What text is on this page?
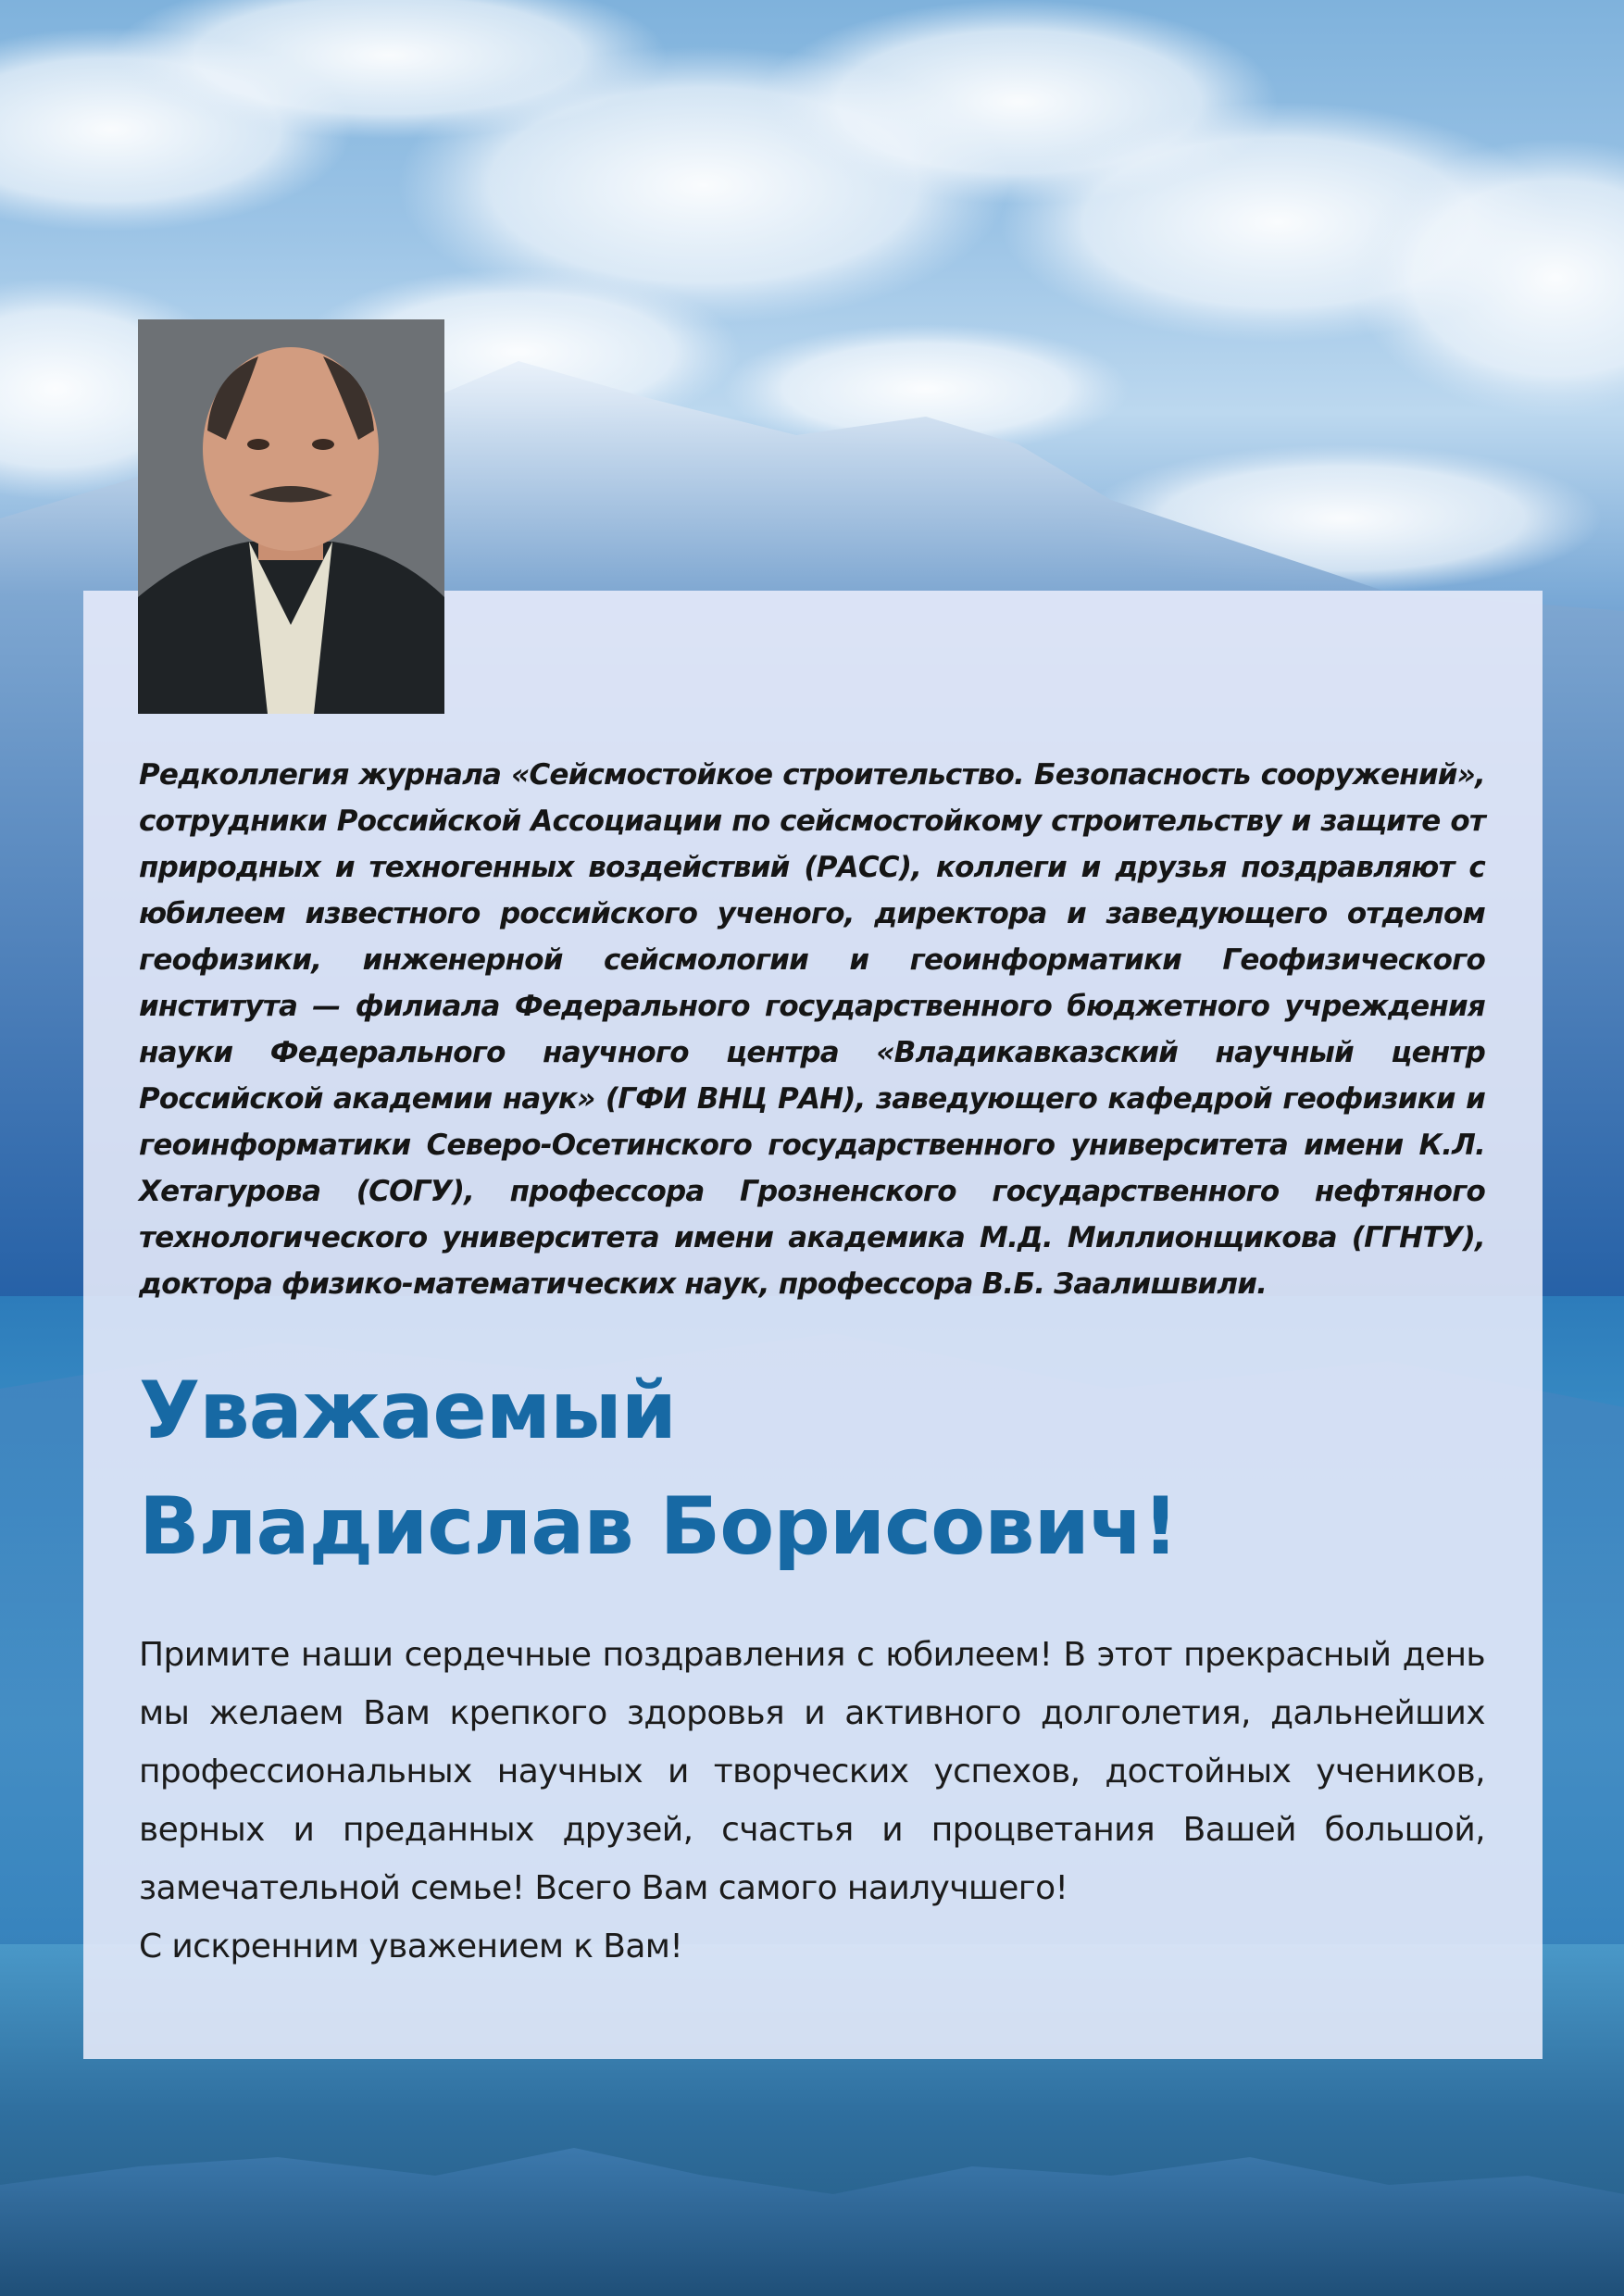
Редколлегия журнала «Сейсмостойкое строительство. Безопасность сооружений», сотрудники Российской Ассоциации по сейсмостойкому строительству и защите от природных и техногенных воздействий (РАСС), коллеги и друзья поздравляют с юбилеем известного российского ученого, директора и заведующего отделом геофизики, инженерной сейсмологии и геоинформатики Геофизического института — филиала Федерального государственного бюджетного учреждения науки Федерального научного центра «Владикавказский научный центр Российской академии наук» (ГФИ ВНЦ РАН), заведующего кафедрой геофизики и геоинформатики Северо-Осетинского государственного университета имени К.Л. Хетагурова (СОГУ), профессора Грозненского государственного нефтяного технологического университета имени академика М.Д. Миллионщикова (ГГНТУ), доктора физико-математических наук, профессора В.Б. Заалишвили.

Уважаемый
Владислав Борисович!

Примите наши сердечные поздравления с юбилеем! В этот прекрасный день мы желаем Вам крепкого здоровья и активного долголетия, дальнейших профессиональных научных и творческих успехов, достойных учеников, верных и преданных друзей, счастья и процветания Вашей большой, замечательной семье! Всего Вам самого наилучшего!

С искренним уважением к Вам!
